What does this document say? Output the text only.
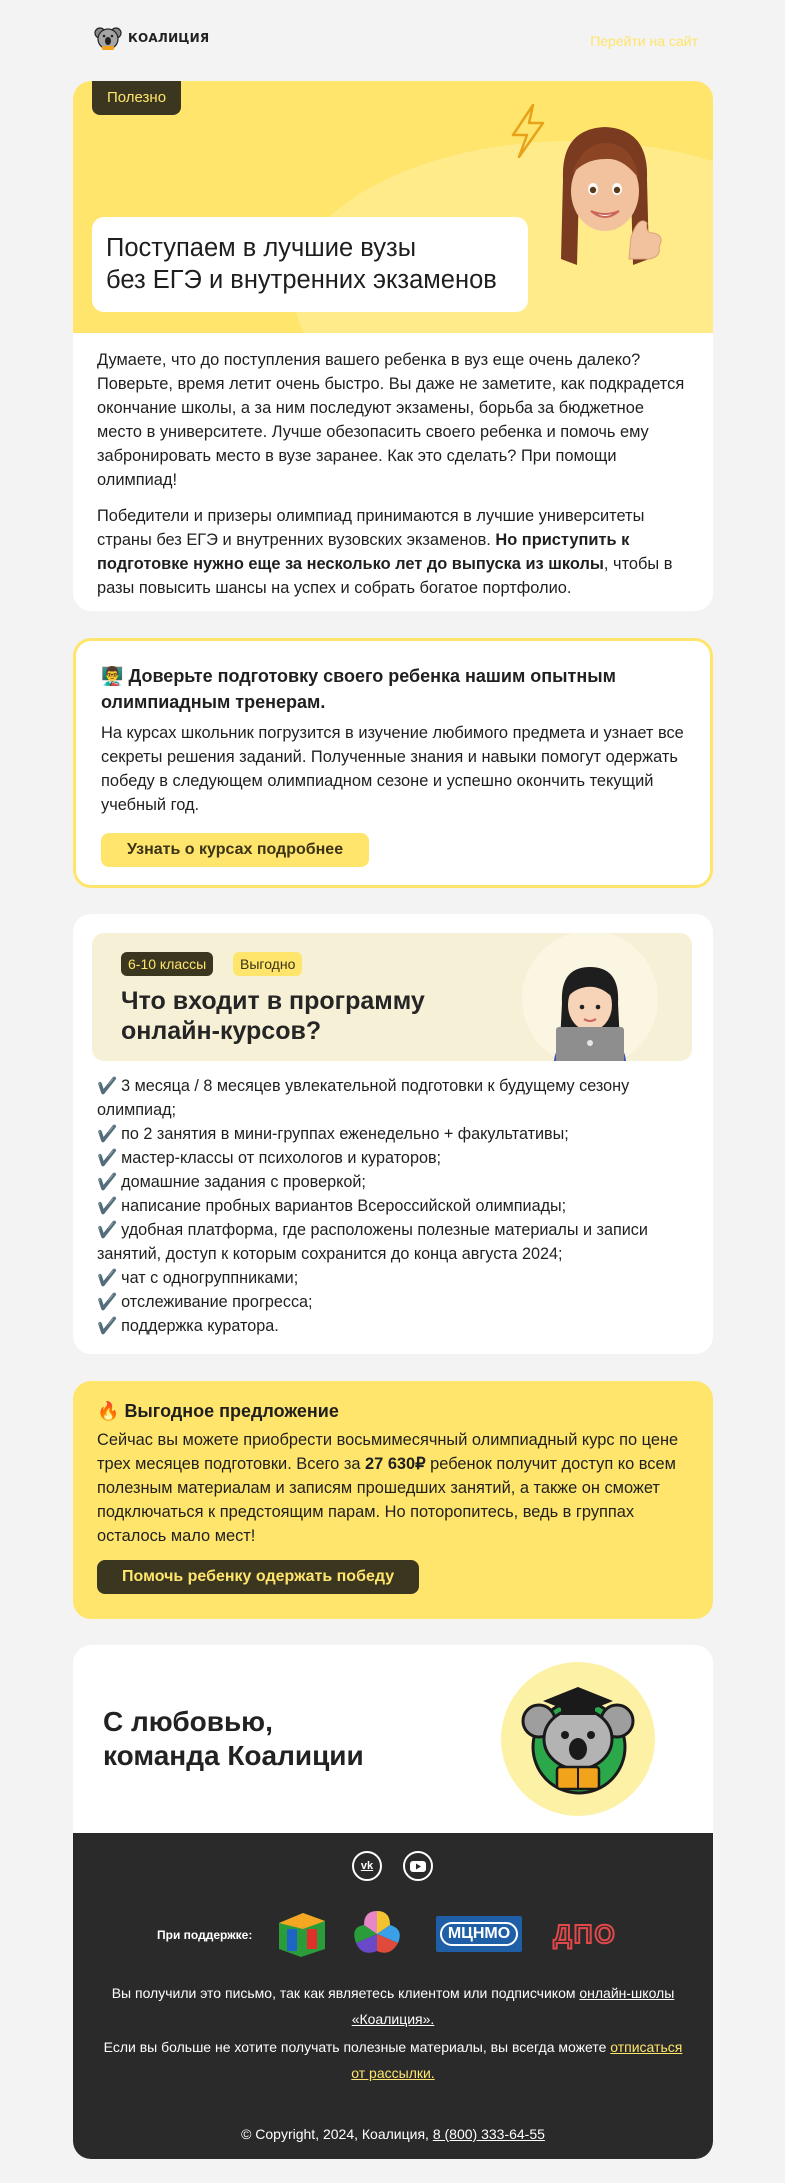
КОАЛИЦИЯ	Перейти на сайт
Полезно
Поступаем в лучшие вузы
без ЕГЭ и внутренних экзаменов

Думаете, что до поступления вашего ребенка в вуз еще очень далеко? Поверьте, время летит очень быстро. Вы даже не заметите, как подкрадется окончание школы, а за ним последуют экзамены, борьба за бюджетное место в университете. Лучше обезопасить своего ребенка и помочь ему забронировать место в вузе заранее. Как это сделать? При помощи олимпиад!

Победители и призеры олимпиад принимаются в лучшие университеты страны без ЕГЭ и внутренних вузовских экзаменов. Но приступить к подготовке нужно еще за несколько лет до выпуска из школы, чтобы в разы повысить шансы на успех и собрать богатое портфолио.

👨‍🏫 Доверьте подготовку своего ребенка нашим опытным олимпиадным тренерам.

На курсах школьник погрузится в изучение любимого предмета и узнает все секреты решения заданий. Полученные знания и навыки помогут одержать победу в следующем олимпиадном сезоне и успешно окончить текущий учебный год.

Узнать о курсах подробнее
6-10 классы	Выгодно
Что входит в программу
онлайн-курсов?
✔️ 3 месяца / 8 месяцев увлекательной подготовки к будущему сезону олимпиад;
✔️ по 2 занятия в мини-группах еженедельно + факультативы;
✔️ мастер-классы от психологов и кураторов;
✔️ домашние задания с проверкой;
✔️ написание пробных вариантов Всероссийской олимпиады;
✔️ удобная платформа, где расположены полезные материалы и записи занятий, доступ к которым сохранится до конца августа 2024;
✔️ чат с одногруппниками;
✔️ отслеживание прогресса;
✔️ поддержка куратора.
🔥 Выгодное предложение

Сейчас вы можете приобрести восьмимесячный олимпиадный курс по цене трех месяцев подготовки. Всего за 27 630₽ ребенок получит доступ ко всем полезным материалам и записям прошедших занятий, а также он сможет подключаться к предстоящим парам. Но поторопитесь, ведь в группах осталось мало мест!

Помочь ребенку одержать победу
С любовью,
команда Коалиции
vk
При поддержке:	МЦНМО	ДПО

Вы получили это письмо, так как являетесь клиентом или подписчиком онлайн-школы «Коалиция».

Если вы больше не хотите получать полезные материалы, вы всегда можете отписаться от рассылки.

© Copyright, 2024, Коалиция, 8 (800) 333-64-55
